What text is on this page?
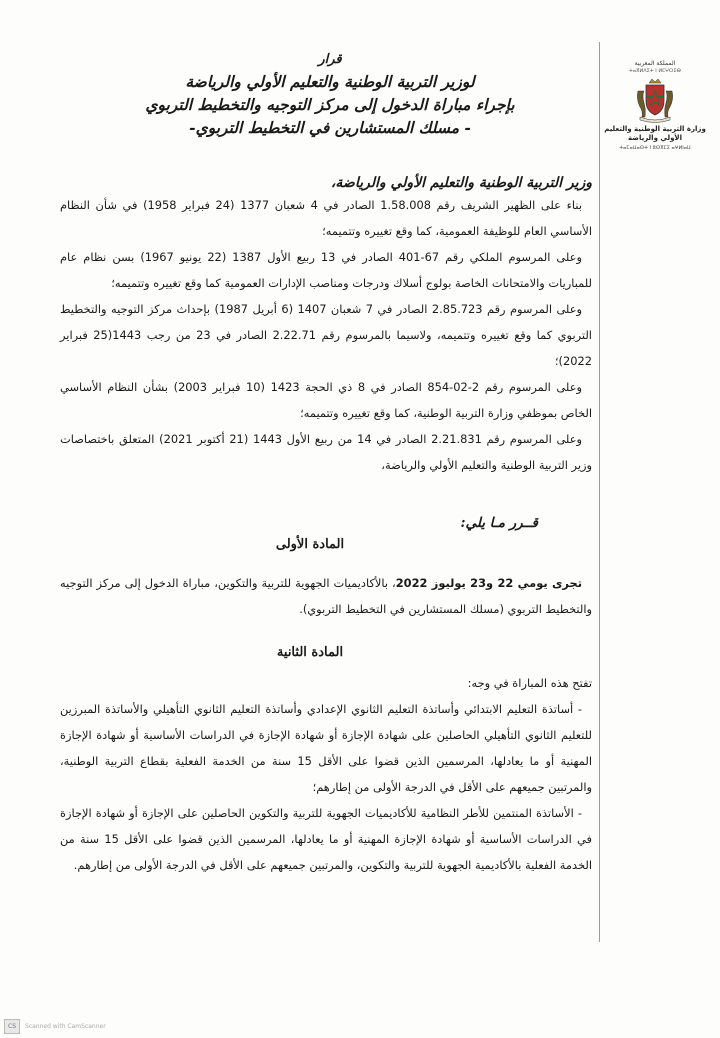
المملكة المغربية
ⵜⴰⴳⵍⴷⵉⵜ ⵏ ⵍⵎⵖⵔⵉⴱ
وزارة التربية الوطنية والتعليم الأولي والرياضة
ⵜⴰⵎⴰⵡⴰⵙⵜ ⵏ ⵓⵙⴳⵎⵉ ⴰⵖⵍⵏⴰⵡ
قرار
لوزير التربية الوطنية والتعليم الأولي والرياضة
بإجراء مباراة الدخول إلى مركز التوجيه والتخطيط التربوي
- مسلك المستشارين في التخطيط التربوي-
وزير التربية الوطنية والتعليم الأولي والرياضة،

بناء على الظهير الشريف رقم 1.58.008 الصادر في 4 شعبان 1377 (24 فبراير 1958) في شأن النظام الأساسي العام للوظيفة العمومية، كما وقع تغييره وتتميمه؛

وعلى المرسوم الملكي رقم 67-401 الصادر في 13 ربيع الأول 1387 (22 يونيو 1967) بسن نظام عام للمباريات والامتحانات الخاصة بولوج أسلاك ودرجات ومناصب الإدارات العمومية كما وقع تغييره وتتميمه؛

وعلى المرسوم رقم 2.85.723 الصادر في 7 شعبان 1407 (6 أبريل 1987) بإحداث مركز التوجيه والتخطيط التربوي كما وقع تغييره وتتميمه، ولاسيما بالمرسوم رقم 2.22.71 الصادر في 23 من رجب 1443(25 فبراير 2022)؛

وعلى المرسوم رقم 2-02-854 الصادر في 8 ذي الحجة 1423 (10 فبراير 2003) بشأن النظام الأساسي الخاص بموظفي وزارة التربية الوطنية، كما وقع تغييره وتتميمه؛

وعلى المرسوم رقم 2.21.831 الصادر في 14 من ربيع الأول 1443 (21 أكتوبر 2021) المتعلق باختصاصات وزير التربية الوطنية والتعليم الأولي والرياضة،

قــرر مـا يلي:
المادة الأولى

تجرى يومي 22 و23 يوليوز 2022، بالأكاديميات الجهوية للتربية والتكوين، مباراة الدخول إلى مركز التوجيه والتخطيط التربوي (مسلك المستشارين في التخطيط التربوي).

المادة الثانية

تفتح هذه المباراة في وجه:

- أساتذة التعليم الابتدائي وأساتذة التعليم الثانوي الإعدادي وأساتذة التعليم الثانوي التأهيلي والأساتذة المبرزين للتعليم الثانوي التأهيلي الحاصلين على شهادة الإجازة أو شهادة الإجازة في الدراسات الأساسية أو شهادة الإجازة المهنية أو ما يعادلها، المرسمين الذين قضوا على الأقل 15 سنة من الخدمة الفعلية بقطاع التربية الوطنية، والمرتبين جميعهم على الأقل في الدرجة الأولى من إطارهم؛

- الأساتذة المنتمين للأطر النظامية للأكاديميات الجهوية للتربية والتكوين الحاصلين على الإجازة أو شهادة الإجازة في الدراسات الأساسية أو شهادة الإجازة المهنية أو ما يعادلها، المرسمين الذين قضوا على الأقل 15 سنة من الخدمة الفعلية بالأكاديمية الجهوية للتربية والتكوين، والمرتبين جميعهم على الأقل في الدرجة الأولى من إطارهم.

CS	Scanned with CamScanner
